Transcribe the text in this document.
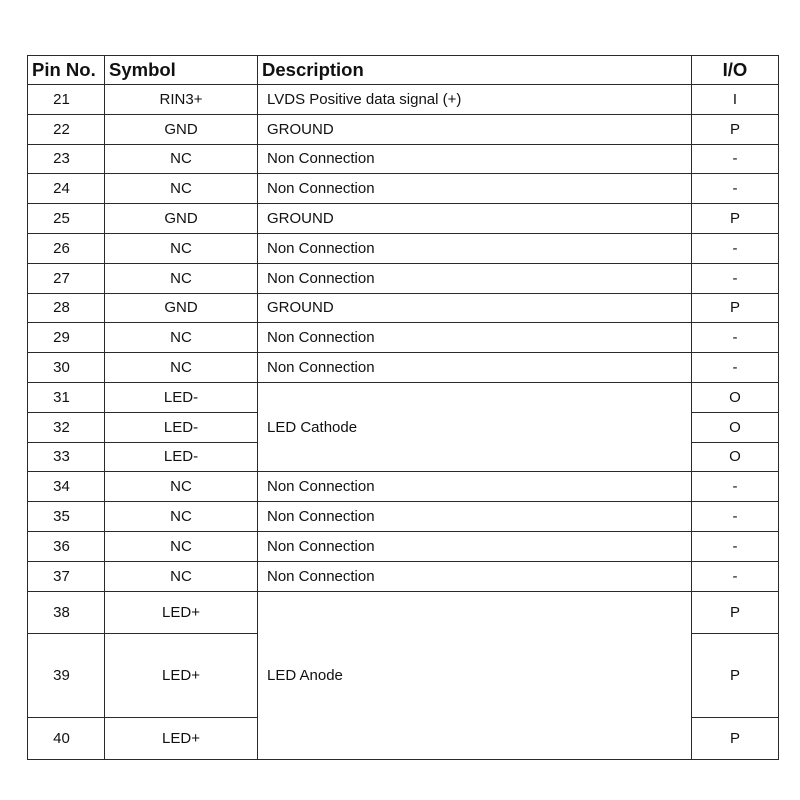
Pin No.	Symbol	Description	I/O
21	RIN3+	LVDS Positive data signal (+)	I
22	GND	GROUND	P
23	NC	Non Connection	-
24	NC	Non Connection	-
25	GND	GROUND	P
26	NC	Non Connection	-
27	NC	Non Connection	-
28	GND	GROUND	P
29	NC	Non Connection	-
30	NC	Non Connection	-
31	LED-	LED Cathode	O
32	LED-		O
33	LED-		O
34	NC	Non Connection	-
35	NC	Non Connection	-
36	NC	Non Connection	-
37	NC	Non Connection	-
38	LED+	LED Anode	P
39	LED+		P
40	LED+		P
